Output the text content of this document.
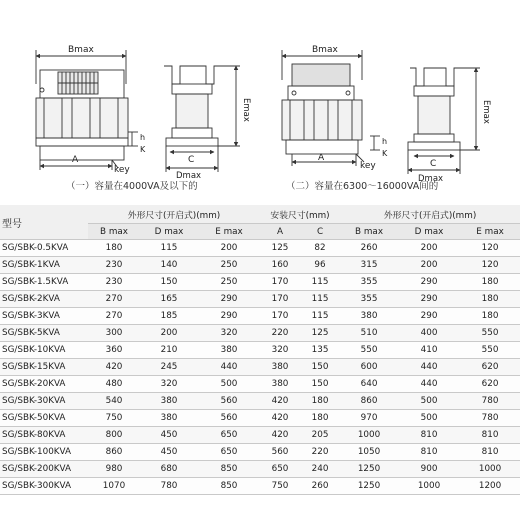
Bmax
A
key
h
K
C
Dmax
Emax
Bmax
A
key
h
K
C
Dmax
Emax
（一）容量在4000VA及以下的	（二）容量在6300～16000VA间的
型号	外形尺寸(开启式)(mm)			安装尺寸(mm)		外形尺寸(开启式)(mm)		
	B max	D max	E max	A	C	B max	D max	E max
SG/SBK-0.5KVA	180	115	200	125	82	260	200	120
SG/SBK-1KVA	230	140	250	160	96	315	200	120
SG/SBK-1.5KVA	230	150	250	170	115	355	290	180
SG/SBK-2KVA	270	165	290	170	115	355	290	180
SG/SBK-3KVA	270	185	290	170	115	380	290	180
SG/SBK-5KVA	300	200	320	220	125	510	400	550
SG/SBK-10KVA	360	210	380	320	135	550	410	550
SG/SBK-15KVA	420	245	440	380	150	600	440	620
SG/SBK-20KVA	480	320	500	380	150	640	440	620
SG/SBK-30KVA	540	380	560	420	180	860	500	780
SG/SBK-50KVA	750	380	560	420	180	970	500	780
SG/SBK-80KVA	800	450	650	420	205	1000	810	810
SG/SBK-100KVA	860	450	650	560	220	1050	810	810
SG/SBK-200KVA	980	680	850	650	240	1250	900	1000
SG/SBK-300KVA	1070	780	850	750	260	1250	1000	1200
